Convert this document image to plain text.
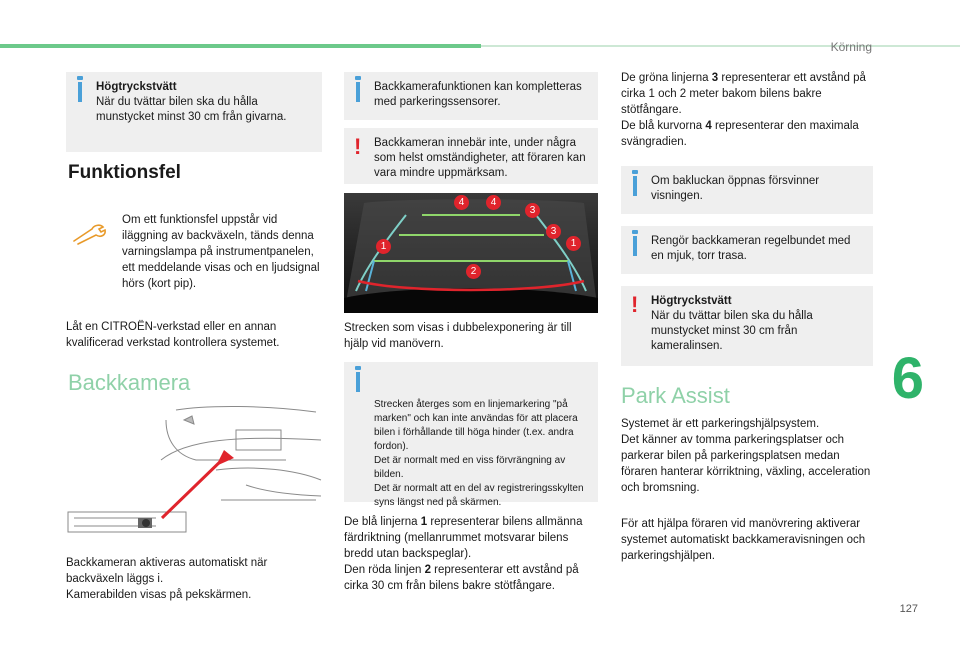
Körning
6
127
Högtryckstvätt
När du tvättar bilen ska du hålla munstycket minst 30 cm från givarna.
Funktionsfel
Om ett funktionsfel uppstår vid iläggning av backväxeln, tänds denna varningslampa på instrumentpanelen, ett meddelande visas och en ljudsignal hörs (kort pip).
Låt en CITROËN-verkstad eller en annan kvalificerad verkstad kontrollera systemet.
Backkamera
Backkameran aktiveras automatiskt när backväxeln läggs i.
Kamerabilden visas på pekskärmen.
Backkamerafunktionen kan kompletteras med parkeringssensorer.
! Backkameran innebär inte, under några som helst omständigheter, att föraren kan vara mindre uppmärksam.
4	4
3
3
1	1
2
Strecken som visas i dubbelexponering är till hjälp vid manövern.

Strecken återges som en linjemarkering "på marken" och kan inte användas för att placera bilen i förhållande till höga hinder (t.ex. andra fordon).
Det är normalt med en viss förvrängning av bilden.
Det är normalt att en del av registreringsskylten syns längst ned på skärmen.

De blå linjerna 1 representerar bilens allmänna färdriktning (mellanrummet motsvarar bilens bredd utan backspeglar).
Den röda linjen 2 representerar ett avstånd på cirka 30 cm från bilens bakre stötfångare.
De gröna linjerna 3 representerar ett avstånd på cirka 1 och 2 meter bakom bilens bakre stötfångare.
De blå kurvorna 4 representerar den maximala svängradien.
Om bakluckan öppnas försvinner visningen.
Rengör backkameran regelbundet med en mjuk, torr trasa.
! Högtryckstvätt
När du tvättar bilen ska du hålla munstycket minst 30 cm från kameralinsen.
Park Assist
Systemet är ett parkeringshjälpsystem.
Det känner av tomma parkeringsplatser och parkerar bilen på parkeringsplatsen medan föraren hanterar körriktning, växling, acceleration och bromsning.
För att hjälpa föraren vid manövrering aktiverar systemet automatiskt backkameravisningen och parkeringshjälpen.
